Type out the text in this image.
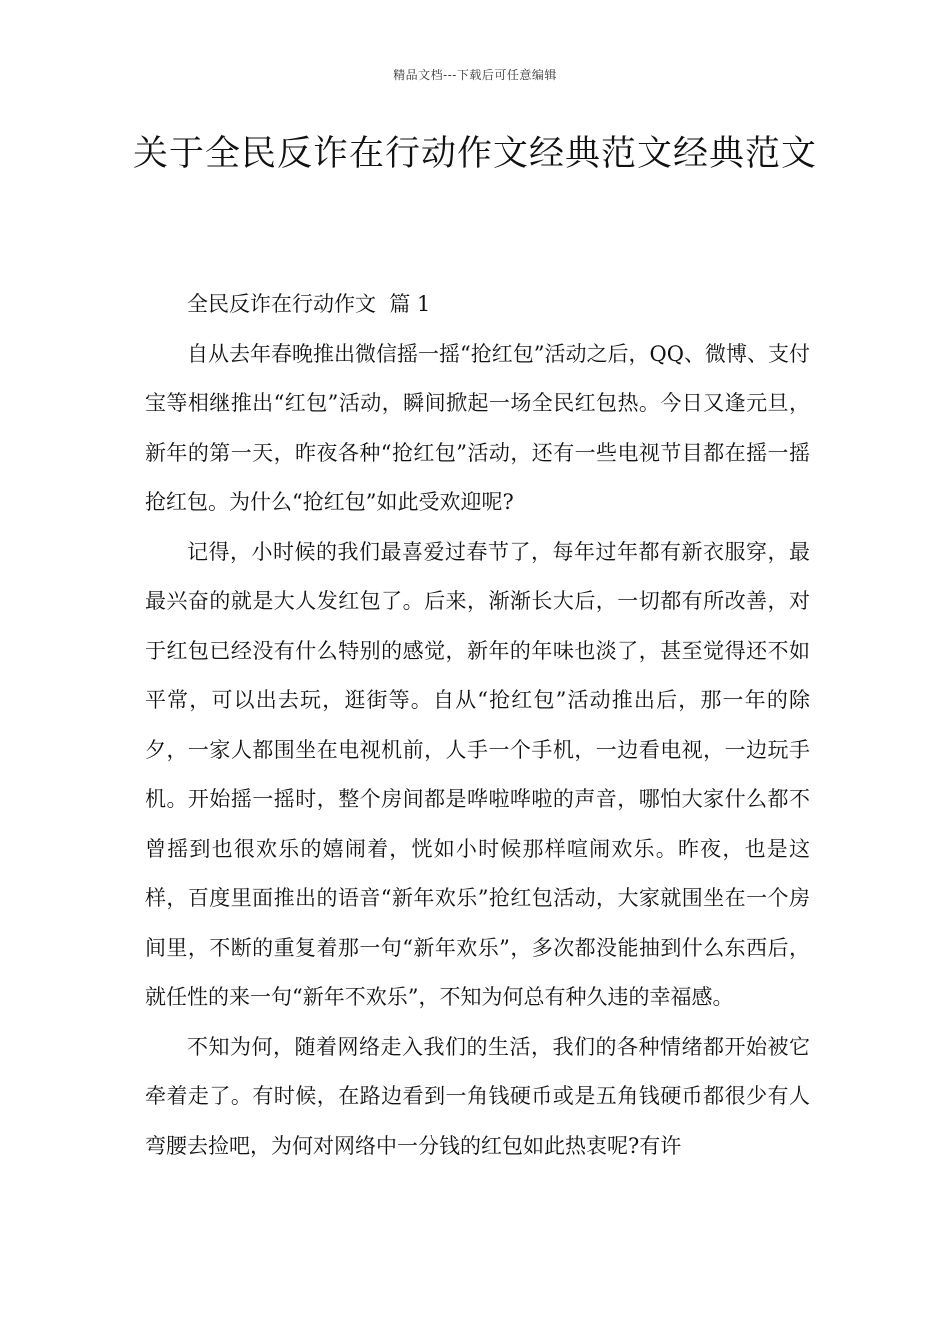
精品文档---下载后可任意编辑
关于全民反诈在行动作文经典范文经典范文

全民反诈在行动作文  篇 1

自从去年春晚推出微信摇一摇“抢红包”活动之后，QQ、微博、支付宝等相继推出“红包”活动，瞬间掀起一场全民红包热。今日又逢元旦，新年的第一天，昨夜各种“抢红包”活动，还有一些电视节目都在摇一摇抢红包。为什么“抢红包”如此受欢迎呢?

记得，小时候的我们最喜爱过春节了，每年过年都有新衣服穿，最最兴奋的就是大人发红包了。后来，渐渐长大后，一切都有所改善，对于红包已经没有什么特别的感觉，新年的年味也淡了，甚至觉得还不如平常，可以出去玩，逛街等。自从“抢红包”活动推出后，那一年的除夕，一家人都围坐在电视机前，人手一个手机，一边看电视，一边玩手机。开始摇一摇时，整个房间都是哗啦哗啦的声音，哪怕大家什么都不曾摇到也很欢乐的嬉闹着，恍如小时候那样喧闹欢乐。昨夜，也是这样，百度里面推出的语音“新年欢乐”抢红包活动，大家就围坐在一个房间里，不断的重复着那一句“新年欢乐”，多次都没能抽到什么东西后，就任性的来一句“新年不欢乐”，不知为何总有种久违的幸福感。

不知为何，随着网络走入我们的生活，我们的各种情绪都开始被它牵着走了。有时候，在路边看到一角钱硬币或是五角钱硬币都很少有人弯腰去捡吧，为何对网络中一分钱的红包如此热衷呢?有许
